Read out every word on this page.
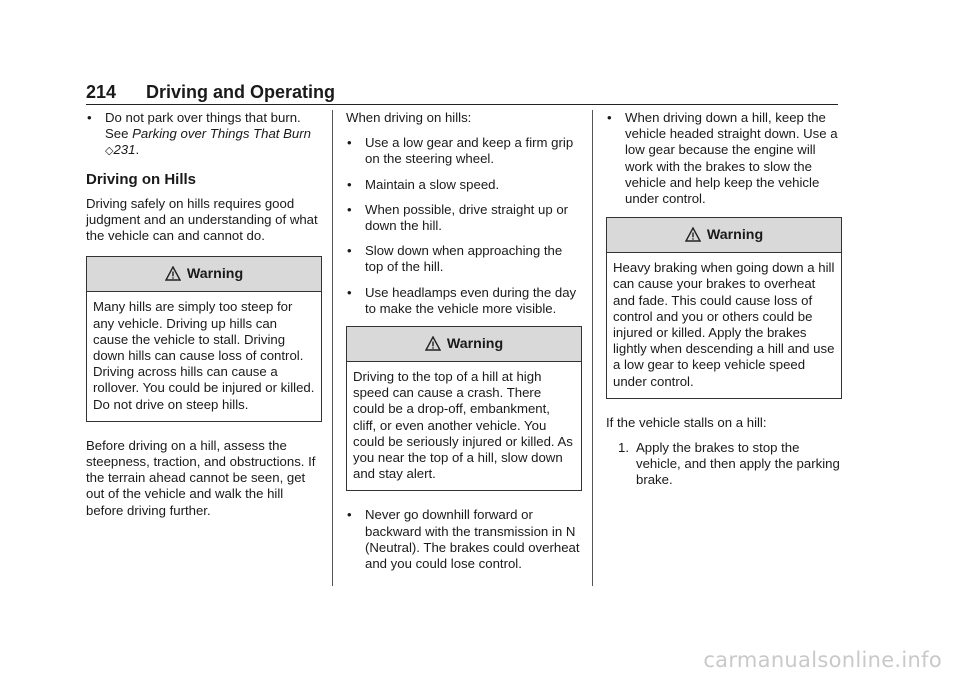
214 Driving and Operating
• Do not park over things that burn. See Parking over Things That Burn ◇231.
Driving on Hills
Driving safely on hills requires good judgment and an understanding of what the vehicle can and cannot do.
Warning
Many hills are simply too steep for any vehicle. Driving up hills can cause the vehicle to stall. Driving down hills can cause loss of control. Driving across hills can cause a rollover. You could be injured or killed. Do not drive on steep hills.
Before driving on a hill, assess the steepness, traction, and obstructions. If the terrain ahead cannot be seen, get out of the vehicle and walk the hill before driving further.
When driving on hills:
• Use a low gear and keep a firm grip on the steering wheel.
• Maintain a slow speed.
• When possible, drive straight up or down the hill.
• Slow down when approaching the top of the hill.
• Use headlamps even during the day to make the vehicle more visible.
Warning
Driving to the top of a hill at high speed can cause a crash. There could be a drop-off, embankment, cliff, or even another vehicle. You could be seriously injured or killed. As you near the top of a hill, slow down and stay alert.
• Never go downhill forward or backward with the transmission in N (Neutral). The brakes could overheat and you could lose control.
• When driving down a hill, keep the vehicle headed straight down. Use a low gear because the engine will work with the brakes to slow the vehicle and help keep the vehicle under control.
Warning
Heavy braking when going down a hill can cause your brakes to overheat and fade. This could cause loss of control and you or others could be injured or killed. Apply the brakes lightly when descending a hill and use a low gear to keep vehicle speed under control.
If the vehicle stalls on a hill:
1. Apply the brakes to stop the vehicle, and then apply the parking brake.
carmanualsonline.info
